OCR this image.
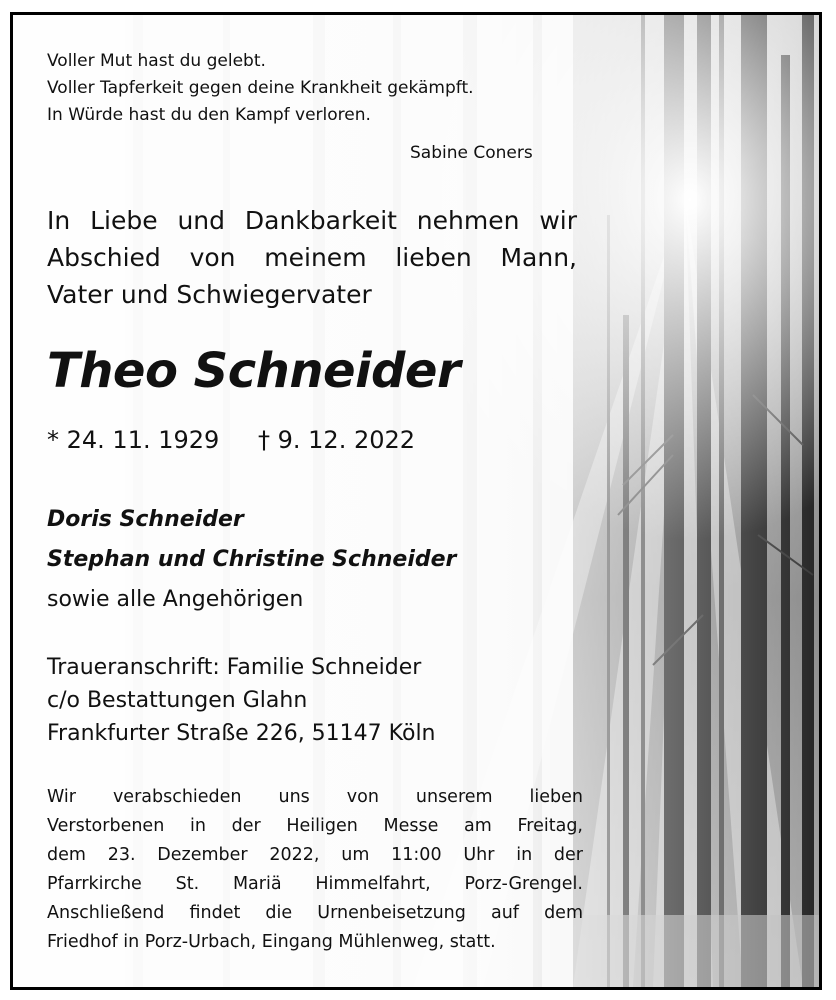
Voller Mut hast du gelebt.
Voller Tapferkeit gegen deine Krankheit gekämpft.
In Würde hast du den Kampf verloren.
Sabine Coners
In Liebe und Dankbarkeit nehmen wir
Abschied von meinem lieben Mann,
Vater und Schwiegervater
Theo Schneider
* 24. 11. 1929 † 9. 12. 2022
Doris Schneider
Stephan und Christine Schneider
sowie alle Angehörigen
Traueranschrift: Familie Schneider
c/o Bestattungen Glahn
Frankfurter Straße 226, 51147 Köln
Wir verabschieden uns von unserem lieben
Verstorbenen in der Heiligen Messe am Freitag,
dem 23. Dezember 2022, um 11:00 Uhr in der
Pfarrkirche St. Mariä Himmelfahrt, Porz-Grengel.
Anschließend findet die Urnenbeisetzung auf dem
Friedhof in Porz-Urbach, Eingang Mühlenweg, statt.
